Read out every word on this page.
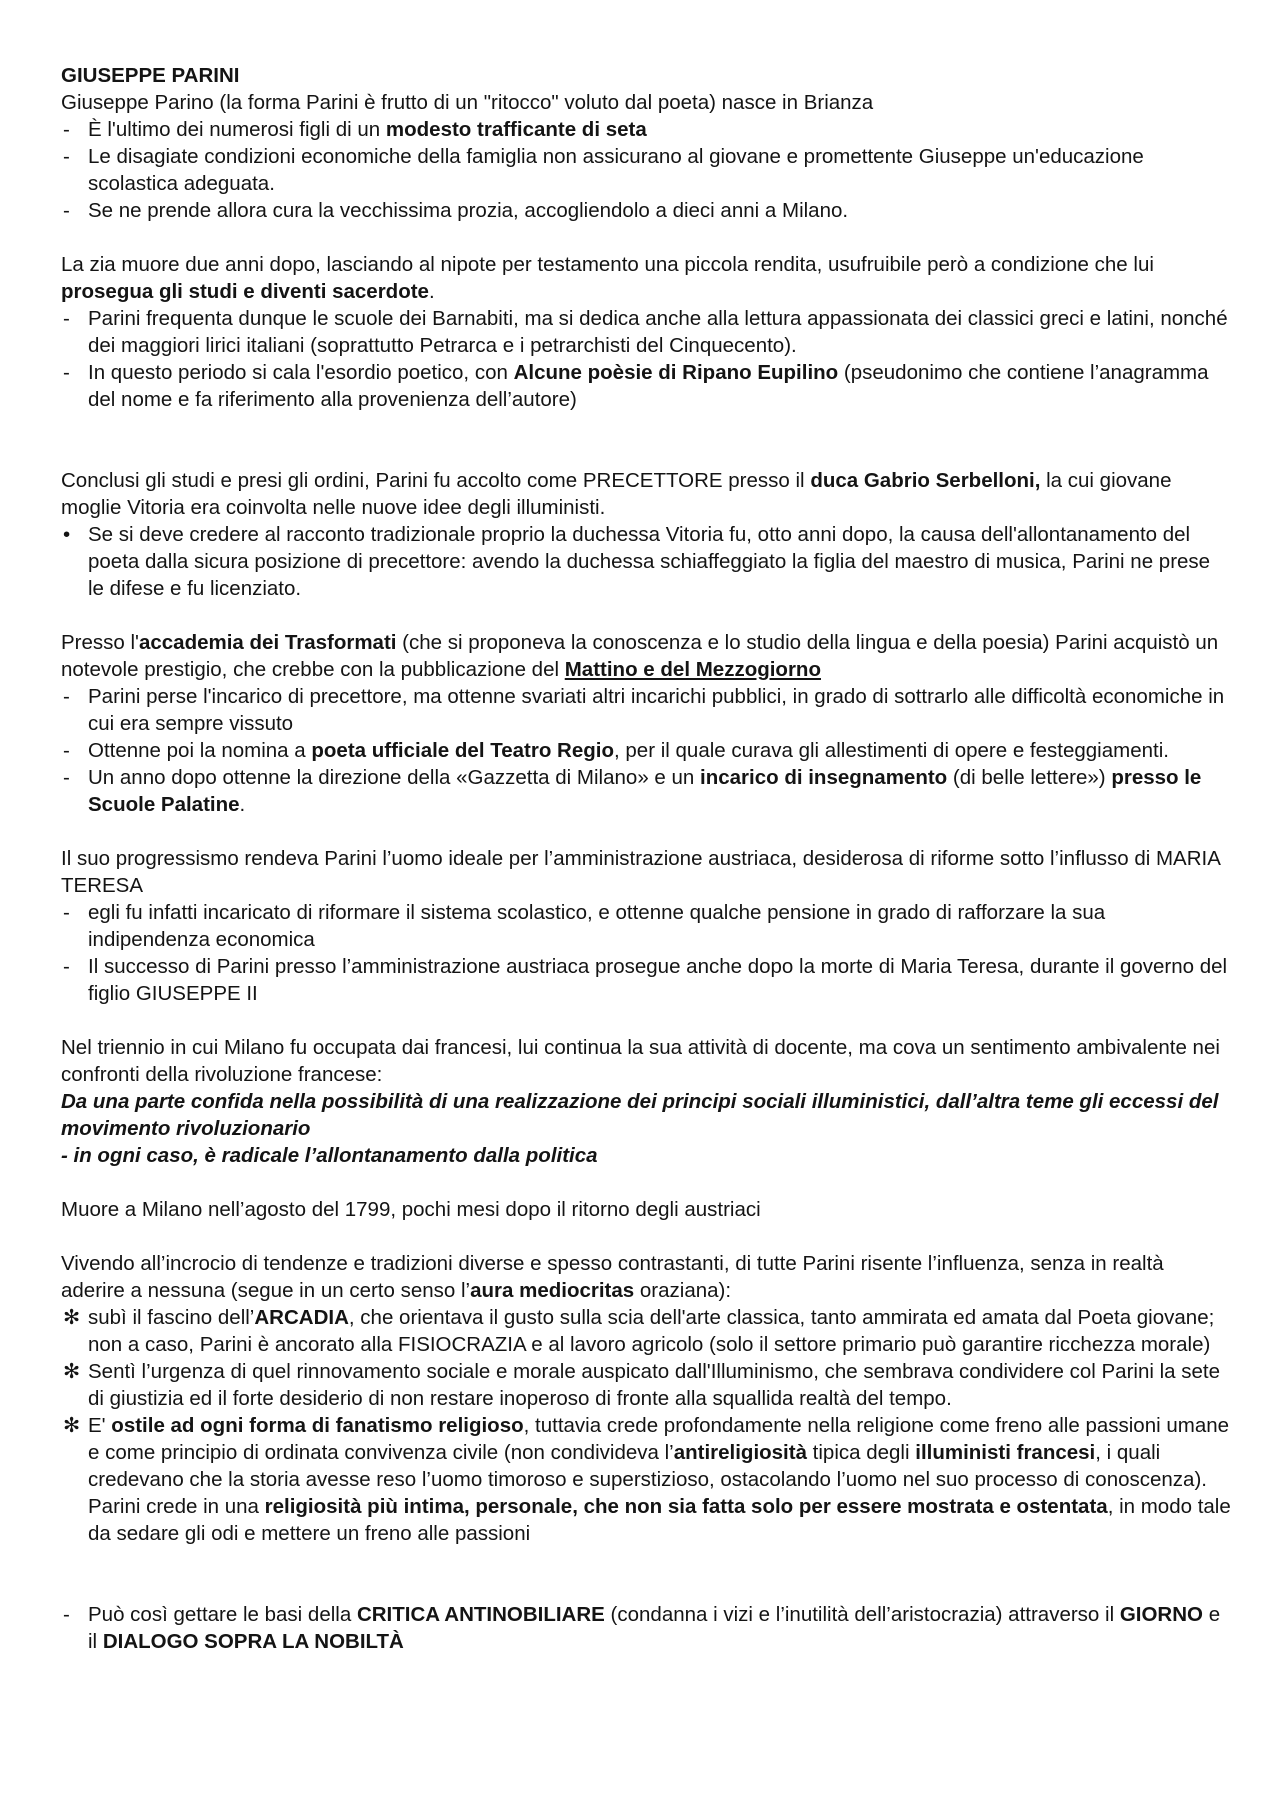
GIUSEPPE PARINI

Giuseppe Parino (la forma Parini è frutto di un "ritocco" voluto dal poeta) nasce in Brianza

- È l'ultimo dei numerosi figli di un modesto trafficante di seta
- Le disagiate condizioni economiche della famiglia non assicurano al giovane e promettente Giuseppe un'educazione scolastica adeguata.
- Se ne prende allora cura la vecchissima prozia, accogliendolo a dieci anni a Milano.

La zia muore due anni dopo, lasciando al nipote per testamento una piccola rendita, usufruibile però a condizione che lui prosegua gli studi e diventi sacerdote.

- Parini frequenta dunque le scuole dei Barnabiti, ma si dedica anche alla lettura appassionata dei classici greci e latini, nonché dei maggiori lirici italiani (soprattutto Petrarca e i petrarchisti del Cinquecento).
- In questo periodo si cala l'esordio poetico, con Alcune poèsie di Ripano Eupilino (pseudonimo che contiene l’anagramma del nome e fa riferimento alla provenienza dell’autore)

Conclusi gli studi e presi gli ordini, Parini fu accolto come PRECETTORE presso il duca Gabrio Serbelloni, la cui giovane moglie Vitoria era coinvolta nelle nuove idee degli illuministi.

• Se si deve credere al racconto tradizionale proprio la duchessa Vitoria fu, otto anni dopo, la causa dell'allontanamento del poeta dalla sicura posizione di precettore: avendo la duchessa schiaffeggiato la figlia del maestro di musica, Parini ne prese le difese e fu licenziato.

Presso l'accademia dei Trasformati (che si proponeva la conoscenza e lo studio della lingua e della poesia) Parini acquistò un notevole prestigio, che crebbe con la pubblicazione del Mattino e del Mezzogiorno

- Parini perse l'incarico di precettore, ma ottenne svariati altri incarichi pubblici, in grado di sottrarlo alle difficoltà economiche in cui era sempre vissuto
- Ottenne poi la nomina a poeta ufficiale del Teatro Regio, per il quale curava gli allestimenti di opere e festeggiamenti.
- Un anno dopo ottenne la direzione della «Gazzetta di Milano» e un incarico di insegnamento (di belle lettere») presso le Scuole Palatine.

Il suo progressismo rendeva Parini l’uomo ideale per l’amministrazione austriaca, desiderosa di riforme sotto l’influsso di MARIA TERESA

- egli fu infatti incaricato di riformare il sistema scolastico, e ottenne qualche pensione in grado di rafforzare la sua indipendenza economica
- Il successo di Parini presso l’amministrazione austriaca prosegue anche dopo la morte di Maria Teresa, durante il governo del figlio GIUSEPPE II

Nel triennio in cui Milano fu occupata dai francesi, lui continua la sua attività di docente, ma cova un sentimento ambivalente nei confronti della rivoluzione francese:

Da una parte confida nella possibilità di una realizzazione dei principi sociali illuministici, dall’altra teme gli eccessi del movimento rivoluzionario

- in ogni caso, è radicale l’allontanamento dalla politica

Muore a Milano nell’agosto del 1799, pochi mesi dopo il ritorno degli austriaci

Vivendo all’incrocio di tendenze e tradizioni diverse e spesso contrastanti, di tutte Parini risente l’influenza, senza in realtà aderire a nessuna (segue in un certo senso l’aura mediocritas oraziana):

✻ subì il fascino dell’ARCADIA, che orientava il gusto sulla scia dell'arte classica, tanto ammirata ed amata dal Poeta giovane; non a caso, Parini è ancorato alla FISIOCRAZIA e al lavoro agricolo (solo il settore primario può garantire ricchezza morale)
✻ Sentì l’urgenza di quel rinnovamento sociale e morale auspicato dall'Illuminismo, che sembrava condividere col Parini la sete di giustizia ed il forte desiderio di non restare inoperoso di fronte alla squallida realtà del tempo.
✻ E' ostile ad ogni forma di fanatismo religioso, tuttavia crede profondamente nella religione come freno alle passioni umane e come principio di ordinata convivenza civile (non condivideva l’antireligiosità tipica degli illuministi francesi, i quali credevano che la storia avesse reso l’uomo timoroso e superstizioso, ostacolando l’uomo nel suo processo di conoscenza). Parini crede in una religiosità più intima, personale, che non sia fatta solo per essere mostrata e ostentata, in modo tale da sedare gli odi e mettere un freno alle passioni
- Può così gettare le basi della CRITICA ANTINOBILIARE (condanna i vizi e l’inutilità dell’aristocrazia) attraverso il GIORNO e il DIALOGO SOPRA LA NOBILTÀ
